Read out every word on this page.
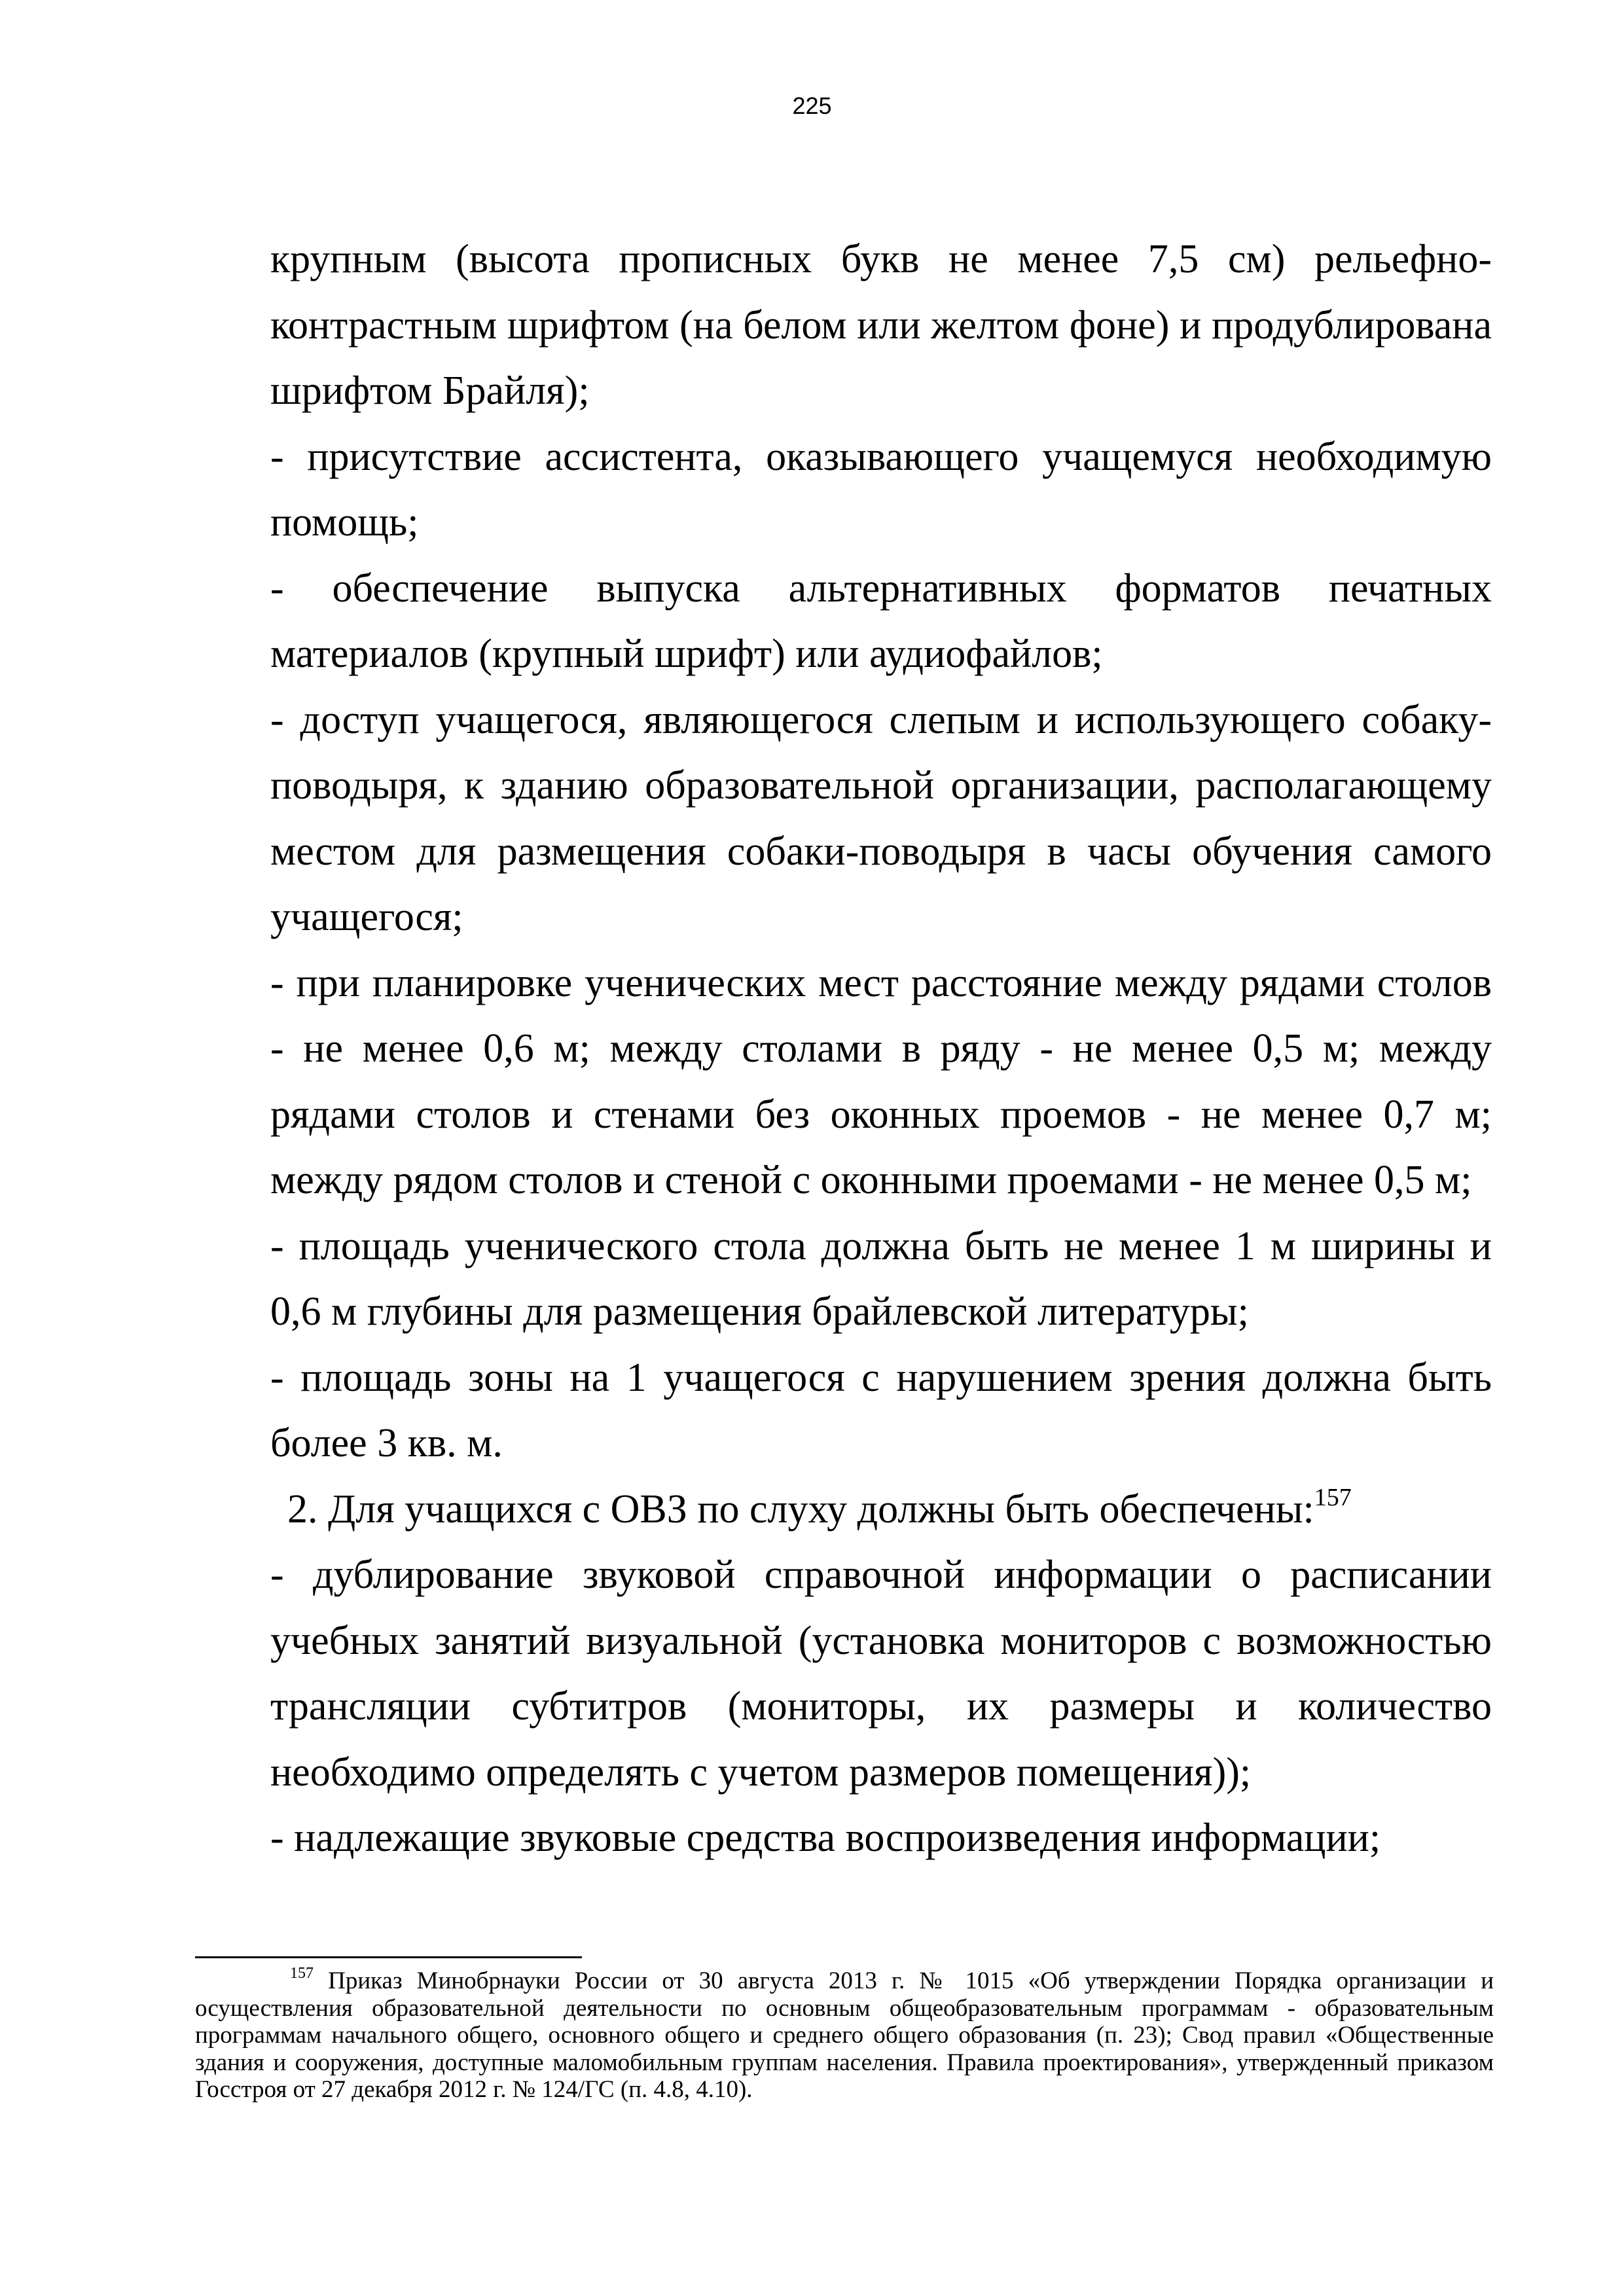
225

крупным (высота прописных букв не менее 7,5 см) рельефно-контрастным шрифтом (на белом или желтом фоне) и продублирована шрифтом Брайля);

- присутствие ассистента, оказывающего учащемуся необходимую помощь;

- обеспечение выпуска альтернативных форматов печатных материалов (крупный шрифт) или аудиофайлов;

- доступ учащегося, являющегося слепым и использующего собаку-поводыря, к зданию образовательной организации, располагающему местом для размещения собаки-поводыря в часы обучения самого учащегося;

- при планировке ученических мест расстояние между рядами столов - не менее 0,6 м; между столами в ряду - не менее 0,5 м; между рядами столов и стенами без оконных проемов - не менее 0,7 м; между рядом столов и стеной с оконными проемами - не менее 0,5 м;

- площадь ученического стола должна быть не менее 1 м ширины и 0,6 м глубины для размещения брайлевской литературы;

- площадь зоны на 1 учащегося с нарушением зрения должна быть более 3 кв. м.

2. Для учащихся с ОВЗ по слуху должны быть обеспечены:$^{157}$

- дублирование звуковой справочной информации о расписании учебных занятий визуальной (установка мониторов с возможностью трансляции субтитров (мониторы, их размеры и количество необходимо определять с учетом размеров помещения));

- надлежащие звуковые средства воспроизведения информации;

$^{157}$ Приказ Минобрнауки России от 30 августа 2013 г. № 1015 «Об утверждении Порядка организации и осуществления образовательной деятельности по основным общеобразовательным программам - образовательным программам начального общего, основного общего и среднего общего образования (п. 23); Свод правил «Общественные здания и сооружения, доступные маломобильным группам населения. Правила проектирования», утвержденный приказом Госстроя от 27 декабря 2012 г. № 124/ГС (п. 4.8, 4.10).
